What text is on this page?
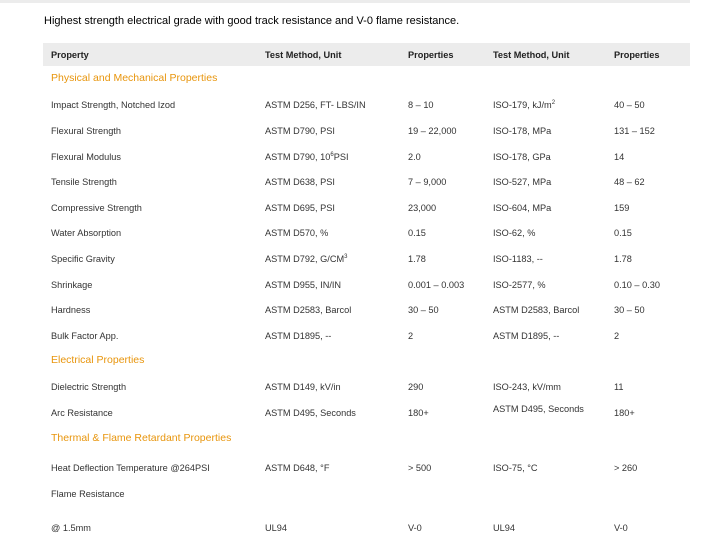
Highest strength electrical grade with good track resistance and V-0 flame resistance.
Property	Test Method, Unit	Properties	Test Method, Unit	Properties
Physical and Mechanical Properties
Impact Strength, Notched Izod	ASTM D256, FT- LBS/IN	8 – 10	ISO-179, $kJ/m^2$	40 – 50
Flexural Strength	ASTM D790, PSI	19 – 22,000	ISO-178, MPa	131 – 152
Flexural Modulus	ASTM D790, $10^6PSI$	2.0	ISO-178, GPa	14
Tensile Strength	ASTM D638, PSI	7 – 9,000	ISO-527, MPa	48 – 62
Compressive Strength	ASTM D695, PSI	23,000	ISO-604, MPa	159
Water Absorption	ASTM D570, %	0.15	ISO-62, %	0.15
Specific Gravity	ASTM D792, $G/CM^3$	1.78	ISO-1183, --	1.78
Shrinkage	ASTM D955, IN/IN	0.001 – 0.003	ISO-2577, %	0.10 – 0.30
Hardness	ASTM D2583, Barcol	30 – 50	ASTM D2583, Barcol	30 – 50
Bulk Factor App.	ASTM D1895, --	2	ASTM D1895, --	2
Electrical Properties
Dielectric Strength	ASTM D149, kV/in	290	ISO-243, kV/mm	11
Arc Resistance	ASTM D495, Seconds	180+	ASTM D495, Seconds	180+
Thermal & Flame Retardant Properties
Heat Deflection Temperature @264PSI	ASTM D648, °F	> 500	ISO-75, °C	> 260
Flame Resistance
@ 1.5mm	UL94	V-0	UL94	V-0
